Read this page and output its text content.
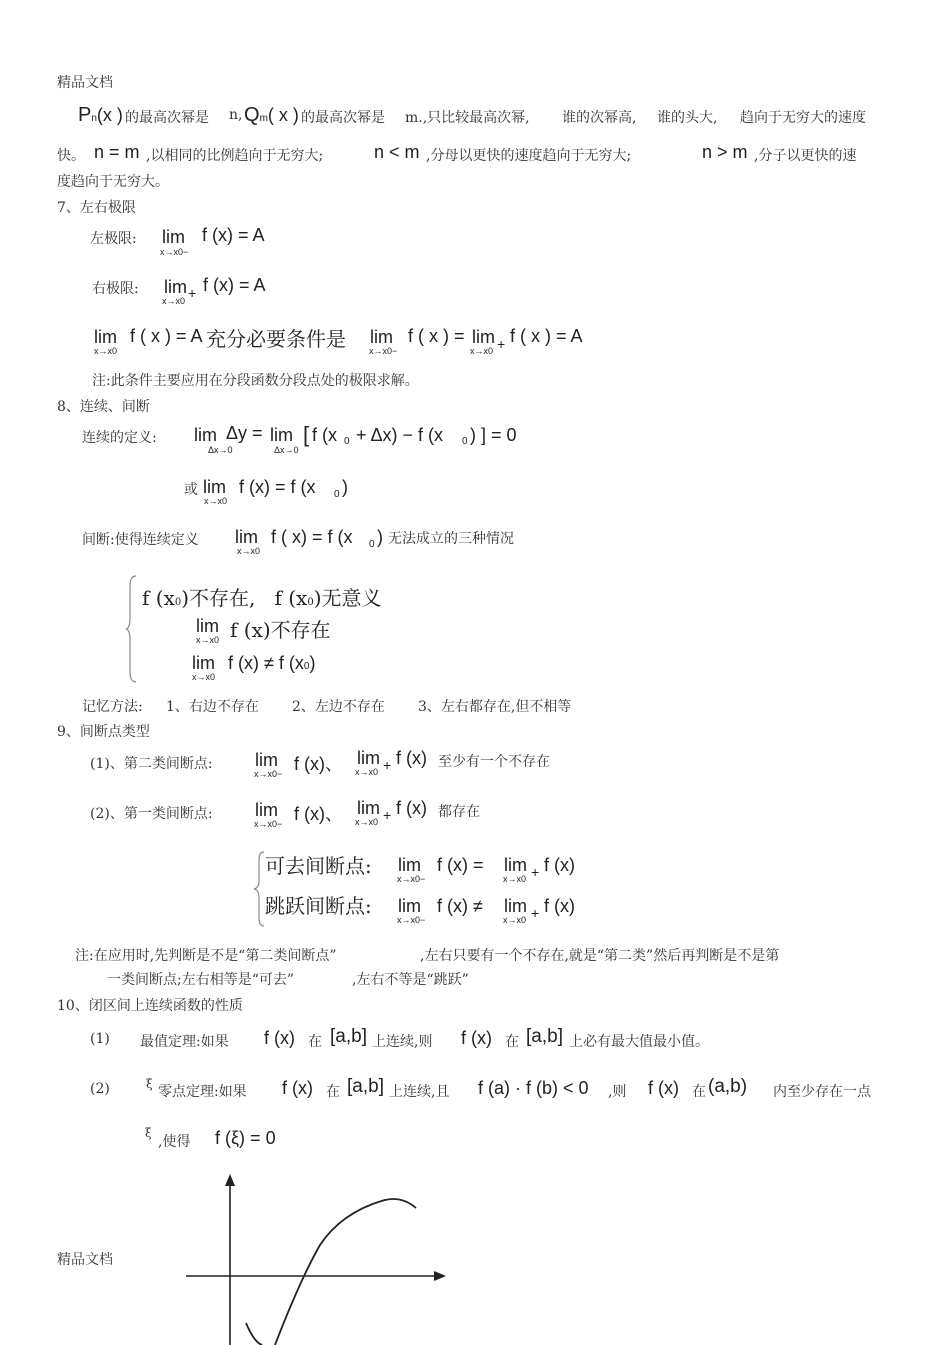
精品文档
Pn(x ) 的最高次幂是 n, Qm( x ) 的最高次幂是 m.,只比较最高次幂, 谁的次幂高, 谁的头大, 趋向于无穷大的速度
快。 n = m ,以相同的比例趋向于无穷大;	n < m ,分母以更快的速度趋向于无穷大;	n > m ,分子以更快的速
度趋向于无穷大。
7、左右极限
左极限: lim
x→x0−
f (x) = A
右极限: lim
x→x0 + f (x) = A
lim
x→x0
f ( x ) = A 充分必要条件是 lim
x→x0−
f ( x ) = lim
x→x0 + f ( x ) = A
注:此条件主要应用在分段函数分段点处的极限求解。
8、连续、间断
连续的定义: lim
Δx→0
Δy = lim
Δx→0
[ f (x 0 + Δx) − f (x 0 ) ] = 0
或 lim
x→x0
f (x) = f (x 0 )
间断:使得连续定义 lim
x→x0
f ( x) = f (x 0 ) 无法成立的三种情况
f (x0)不存在, f (x0)无意义
lim
x→x0 f (x)不存在
lim
x→x0
f (x) ≠ f (x0)
记忆方法: 1、右边不存在 2、左边不存在 3、左右都存在,但不相等
9、间断点类型
(1)、第二类间断点: lim
x→x0− f (x)、 lim
x→x0 + f (x) 至少有一个不存在
(2)、第一类间断点: lim
x→x0− f (x)、 lim
x→x0 + f (x) 都存在
可去间断点: lim
x→x0−
f (x) = lim
x→x0 + f (x)
跳跃间断点: lim
x→x0−
f (x) ≠ lim
x→x0 + f (x)
注:在应用时,先判断是不是“第二类间断点”	,左右只要有一个不存在,就是“第二类”然后再判断是不是第
一类间断点;左右相等是“可去”	,左右不等是“跳跃”
10、闭区间上连续函数的性质
(1) 最值定理:如果 f (x) 在 [a,b] 上连续,则 f (x) 在 [a,b] 上必有最大值最小值。
(2)	ξ 零点定理:如果 f (x) 在 [a,b] 上连续,且 f (a) · f (b) < 0 ,则 f (x) 在 (a,b) 内至少存在一点
ξ
,使得 f (ξ) = 0
精品文档
